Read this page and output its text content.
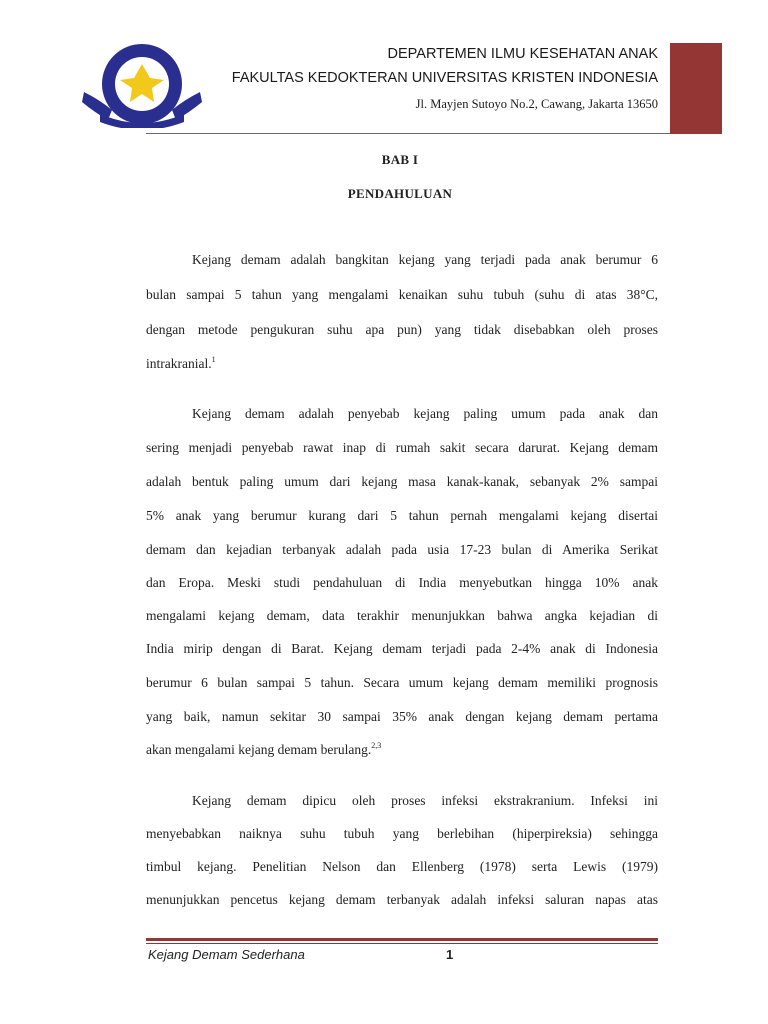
DEPARTEMEN ILMU KESEHATAN ANAK
FAKULTAS KEDOKTERAN UNIVERSITAS KRISTEN INDONESIA
Jl. Mayjen Sutoyo No.2, Cawang, Jakarta 13650
BAB I
PENDAHULUAN
Kejang demam adalah bangkitan kejang yang terjadi pada anak berumur 6
bulan sampai 5 tahun yang mengalami kenaikan suhu tubuh (suhu di atas 38°C,
dengan metode pengukuran suhu apa pun) yang tidak disebabkan oleh proses
intrakranial.$^1$
Kejang demam adalah penyebab kejang paling umum pada anak dan
sering menjadi penyebab rawat inap di rumah sakit secara darurat. Kejang demam
adalah bentuk paling umum dari kejang masa kanak-kanak, sebanyak 2% sampai
5% anak yang berumur kurang dari 5 tahun pernah mengalami kejang disertai
demam dan kejadian terbanyak adalah pada usia 17-23 bulan di Amerika Serikat
dan Eropa. Meski studi pendahuluan di India menyebutkan hingga 10% anak
mengalami kejang demam, data terakhir menunjukkan bahwa angka kejadian di
India mirip dengan di Barat. Kejang demam terjadi pada 2-4% anak di Indonesia
berumur 6 bulan sampai 5 tahun. Secara umum kejang demam memiliki prognosis
yang baik, namun sekitar 30 sampai 35% anak dengan kejang demam pertama
akan mengalami kejang demam berulang.$^{2,3}$
Kejang demam dipicu oleh proses infeksi ekstrakranium. Infeksi ini
menyebabkan naiknya suhu tubuh yang berlebihan (hiperpireksia) sehingga
timbul kejang. Penelitian Nelson dan Ellenberg (1978) serta Lewis (1979)
menunjukkan pencetus kejang demam terbanyak adalah infeksi saluran napas atas
Kejang Demam Sederhana	1
